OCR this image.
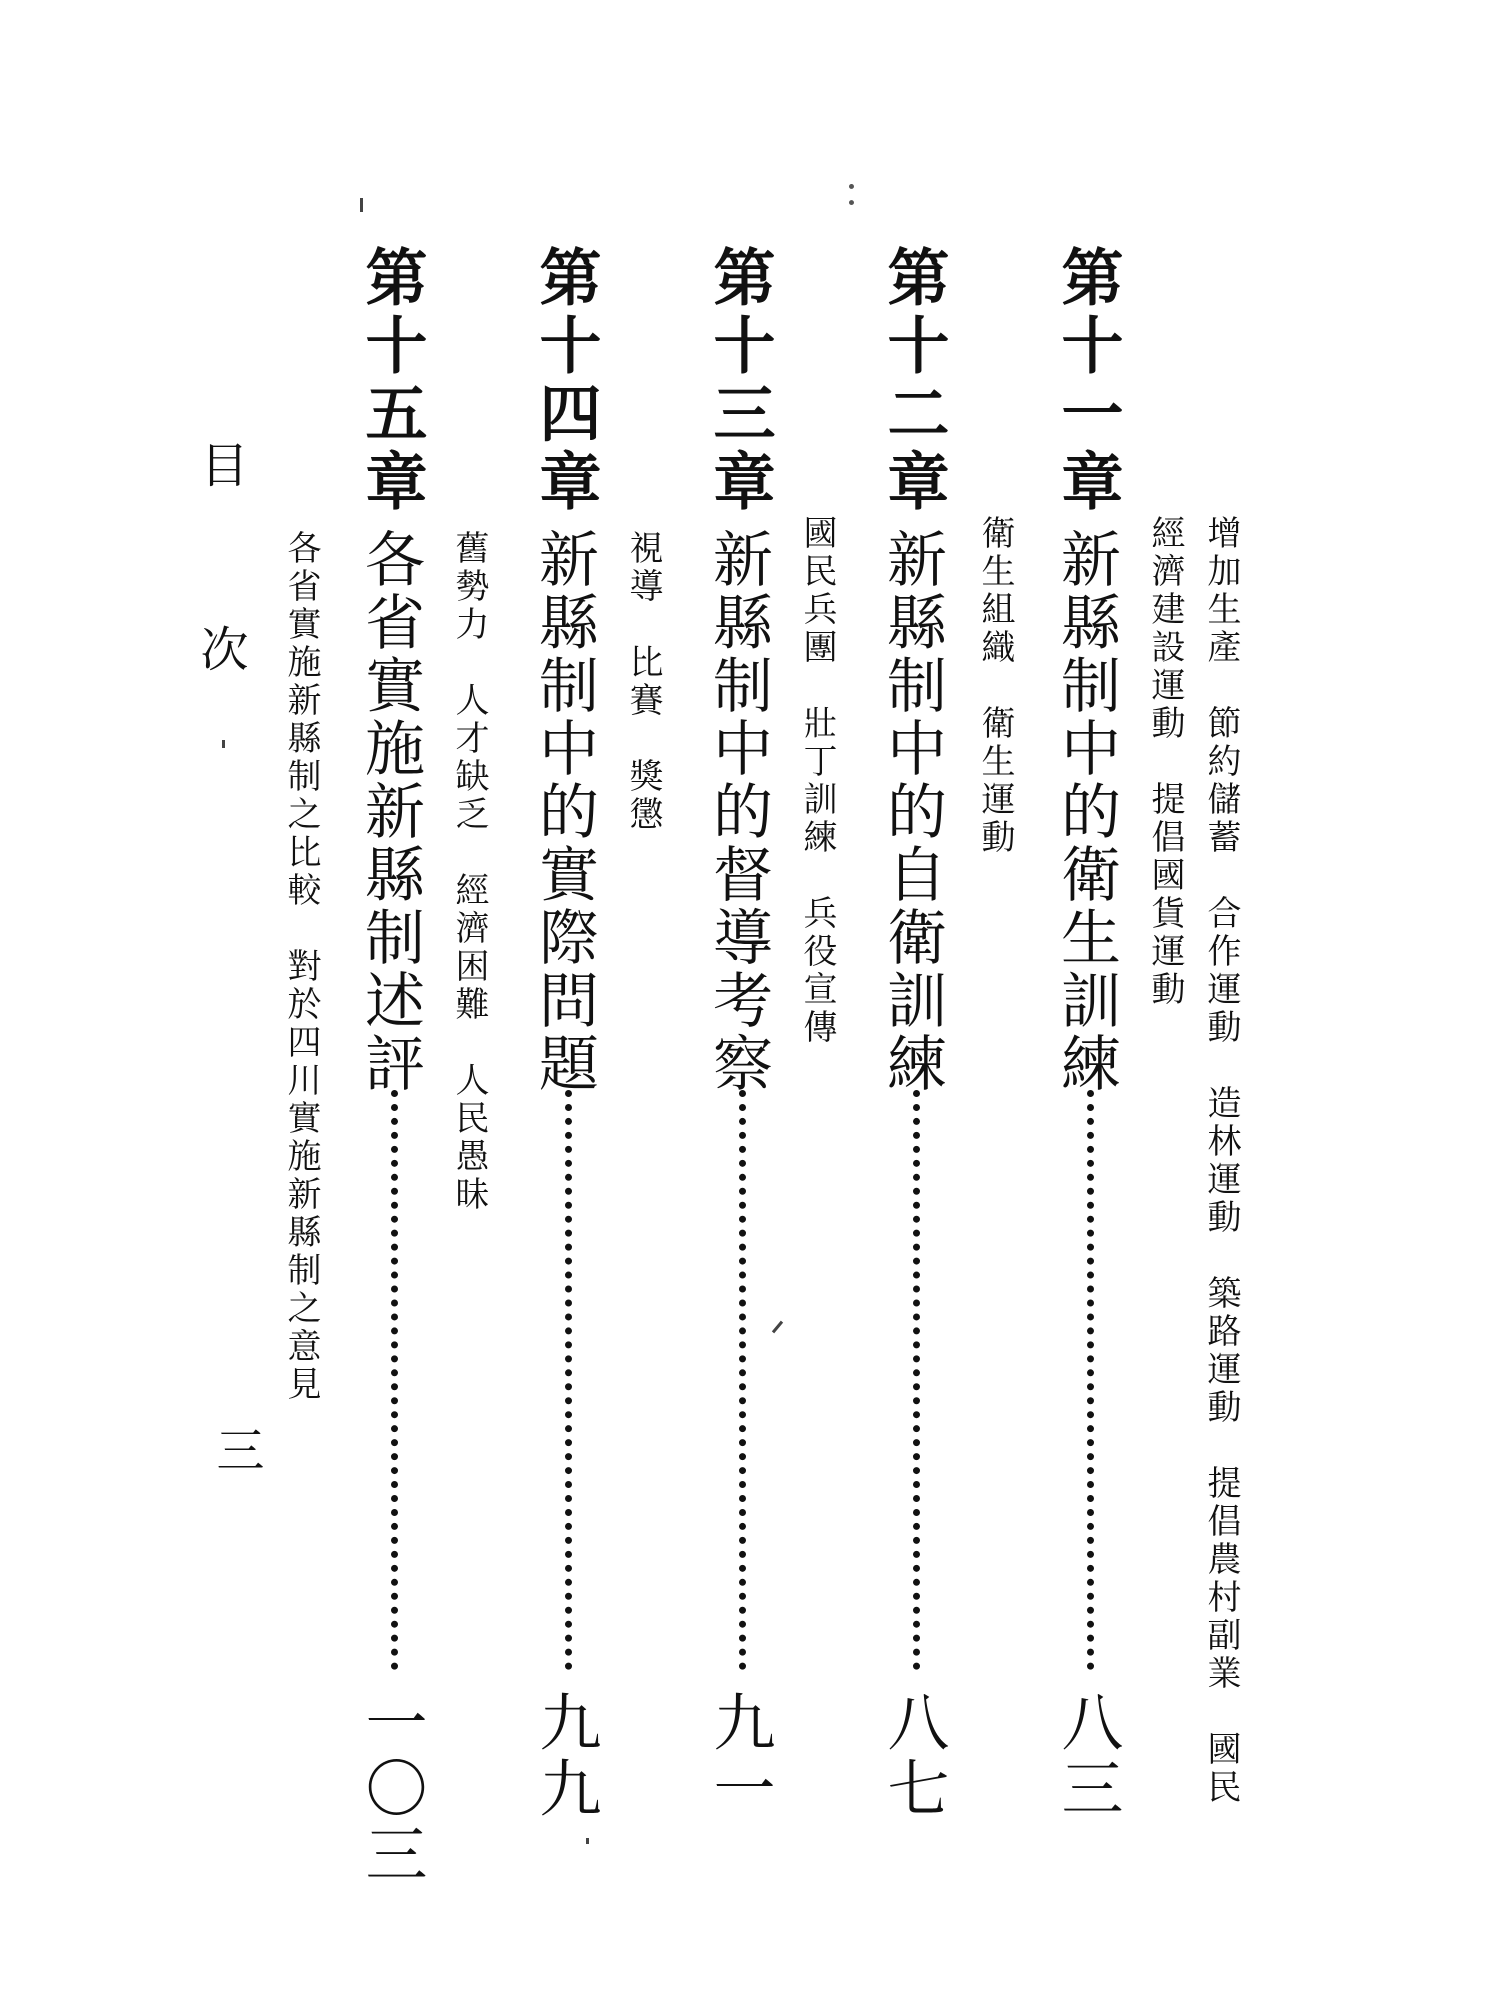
：
增加生產　節約儲蓄　合作運動　造林運動　築路運動　提倡農村副業　國民
經濟建設運動　提倡國貨運動
第十一章
新縣制中的衛生訓練
八三
衛生組織　衛生運動
第十二章
新縣制中的自衛訓練
八七
國民兵團　壯丁訓練　兵役宣傳
第十三章
新縣制中的督導考察
九一
視導　比賽　獎懲
第十四章
新縣制中的實際問題
九九
舊勢力　人才缺乏　經濟困難　人民愚昧
第十五章
各省實施新縣制述評
一〇三
各省實施新縣制之比較　對於四川實施新縣制之意見
目 次
三
